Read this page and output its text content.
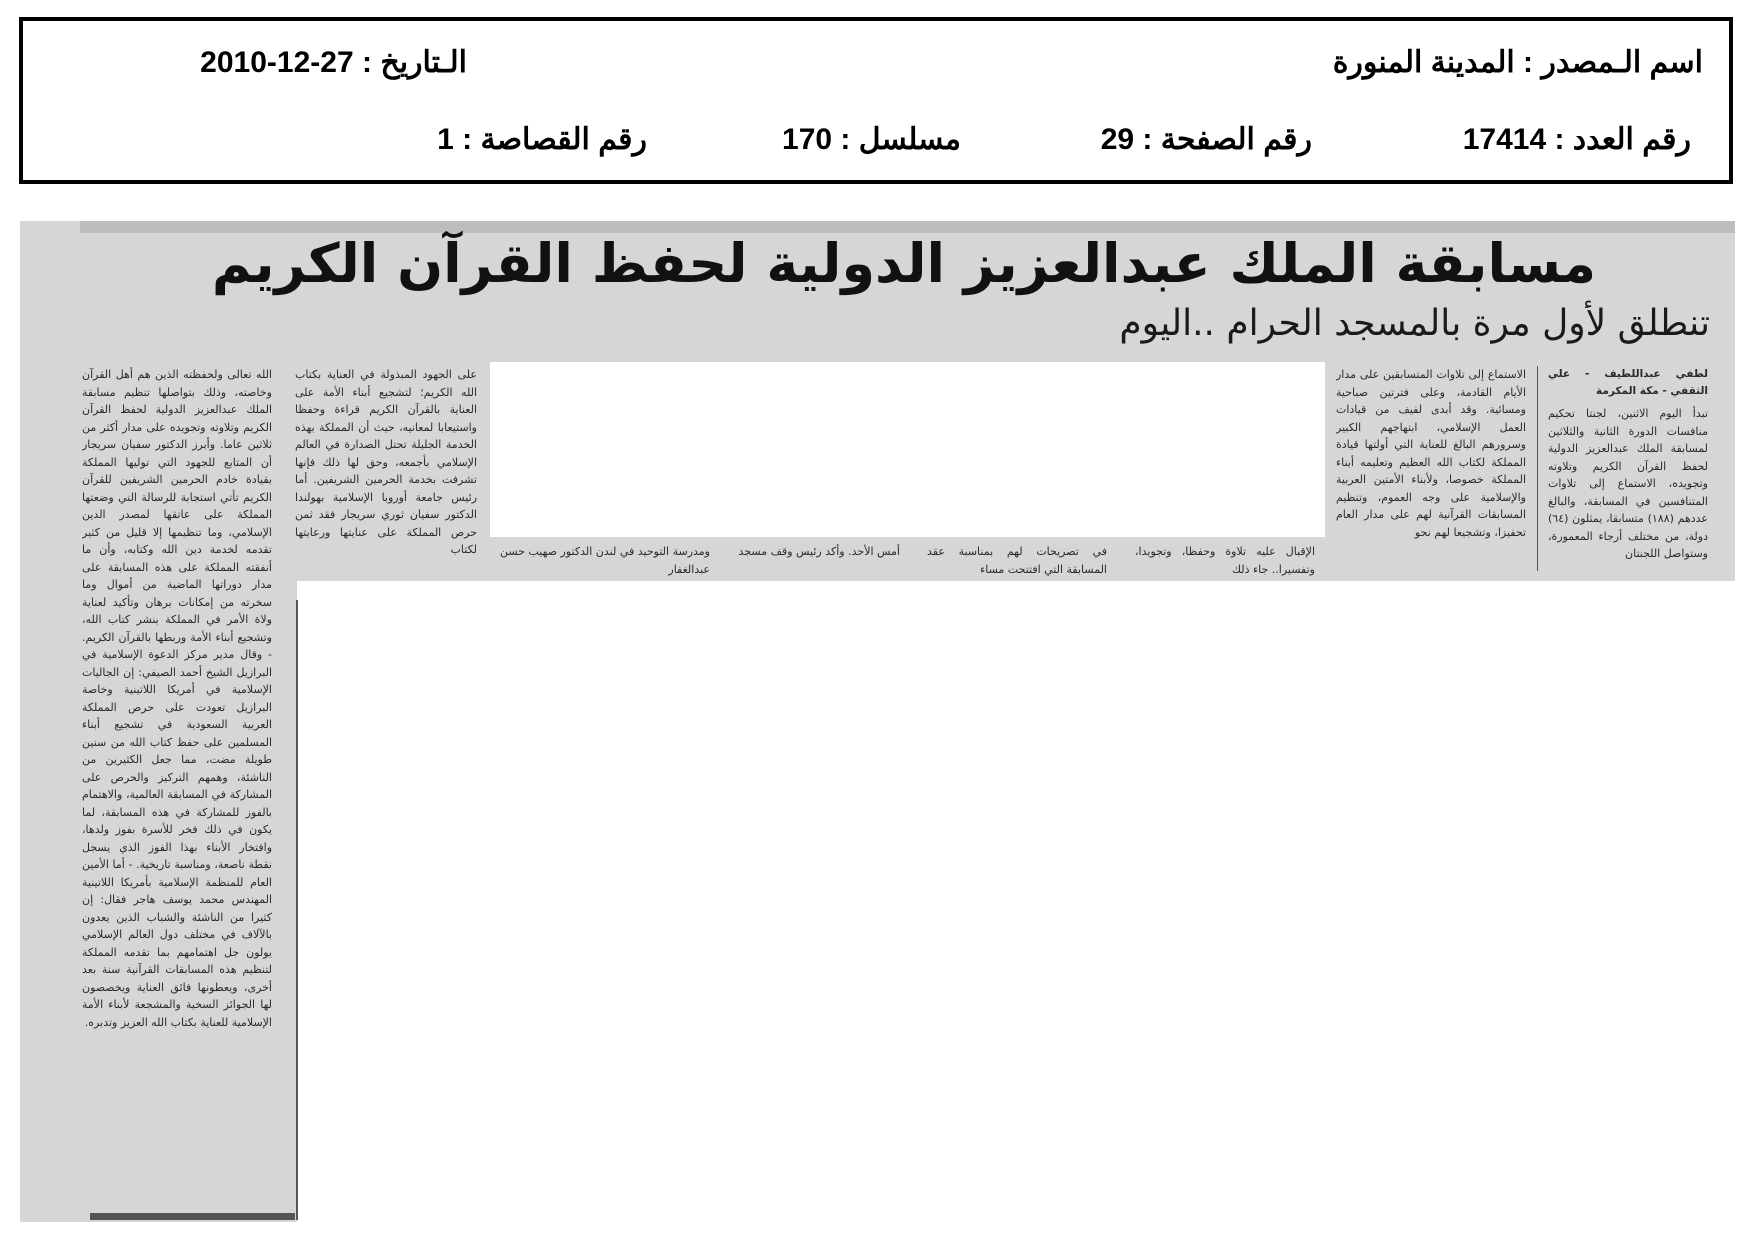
اسم الـمصدر : المدينة المنورة
الـتاريخ : 27-12-2010
رقم العدد : 17414
رقم الصفحة : 29
مسلسل : 170
رقم القصاصة : 1
مسابقة الملك عبدالعزيز الدولية لحفظ القرآن الكريم
تنطلق لأول مرة بالمسجد الحرام ..اليوم

لطفي عبداللطيف - علي الثقفي - مكة المكرمة

تبدأ اليوم الاثنين، لجنتا تحكيم منافسات الدورة الثانية والثلاثين لمسابقة الملك عبدالعزيز الدولية لحفظ القرآن الكريم وتلاوته وتجويده، الاستماع إلى تلاوات المتنافسين في المسابقة، والبالغ عددهم (١٨٨) متسابقا، يمثلون (٦٤) دولة، من مختلف أرجاء المعمورة، وستواصل اللجنتان

الاستماع إلى تلاوات المتسابقين على مدار الأيام القادمة، وعلى فترتين صباحية ومسائية. وقد أبدى لفيف من قيادات العمل الإسلامي، ابتهاجهم الكبير وسرورهم البالغ للعناية التي أولتها قيادة المملكة لكتاب الله العظيم وتعليمه أبناء المملكة خصوصا، ولأبناء الأمتين العربية والإسلامية على وجه العموم، وتنظيم المسابقات القرآنية لهم على مدار العام تحفيزا، وتشجيعا لهم نحو

الإقبال عليه تلاوة وحفظا، وتجويدا، وتفسيرا.. جاء ذلك

في تصريحات لهم بمناسبة عقد المسابقة التي افتتحت مساء

أمس الأحد. وأكد رئيس وقف مسجد

ومدرسة التوحيد في لندن الدكتور صهيب حسن عبدالغفار

على الجهود المبذولة في العناية بكتاب الله الكريم؛ لتشجيع أبناء الأمة على العناية بالقرآن الكريم قراءة وحفظا واستيعابا لمعانيه، حيث أن المملكة بهذه الخدمة الجليلة تحتل الصدارة في العالم الإسلامي بأجمعه، وحق لها ذلك فإنها تشرفت بخدمة الحرمين الشريفين. أما رئيس جامعة أوروبا الإسلامية بهولندا الدكتور سفيان ثوري سريجار فقد ثمن حرص المملكة على عنايتها ورعايتها لكتاب

الله تعالى ولحفظته الذين هم أهل القرآن وخاصته، وذلك بتواصلها تنظيم مسابقة الملك عبدالعزيز الدولية لحفظ القرآن الكريم وتلاوته وتجويده على مدار أكثر من ثلاثين عاما. وأبرز الدكتور سفيان سريجار أن المتابع للجهود التي توليها المملكة بقيادة خادم الحرمين الشريفين للقرآن الكريم تأتي استجابة للرسالة التي وضعتها المملكة على عاتقها لمصدر الدين الإسلامي، وما تنظيمها إلا قليل من كثير تقدمه لخدمة دين الله وكتابه، وأن ما أنفقته المملكة على هذه المسابقة على مدار دوراتها الماضية من أموال وما سخرته من إمكانات برهان وتأكيد لعناية ولاة الأمر في المملكة بنشر كتاب الله، وتشجيع أبناء الأمة وربطها بالقرآن الكريم. - وقال مدير مركز الدعوة الإسلامية في البرازيل الشيخ أحمد الصيفي: إن الجاليات الإسلامية في أمريكا اللاتينية وخاصة البرازيل تعودت على حرص المملكة العربية السعودية في تشجيع أبناء المسلمين على حفظ كتاب الله من سنين طويلة مضت، مما جعل الكثيرين من الناشئة، وهمهم التركيز والحرص على المشاركة في المسابقة العالمية، والاهتمام بالفوز للمشاركة في هذه المسابقة، لما يكون في ذلك فخر للأسرة بفوز ولدها، وافتخار الأبناء بهذا الفوز الذي يسجل نقطة ناصعة، ومناسبة تاريخية. - أما الأمين العام للمنظمة الإسلامية بأمريكا اللاتينية المهندس محمد يوسف هاجر فقال: إن كثيرا من الناشئة والشباب الذين يعدون بالآلاف في مختلف دول العالم الإسلامي يولون جل اهتمامهم بما تقدمه المملكة لتنظيم هذه المسابقات القرآنية سنة بعد أخرى، ويعطونها فائق العناية ويخصصون لها الجوائز السخية والمشجعة لأبناء الأمة الإسلامية للعناية بكتاب الله العزيز وتدبره.
